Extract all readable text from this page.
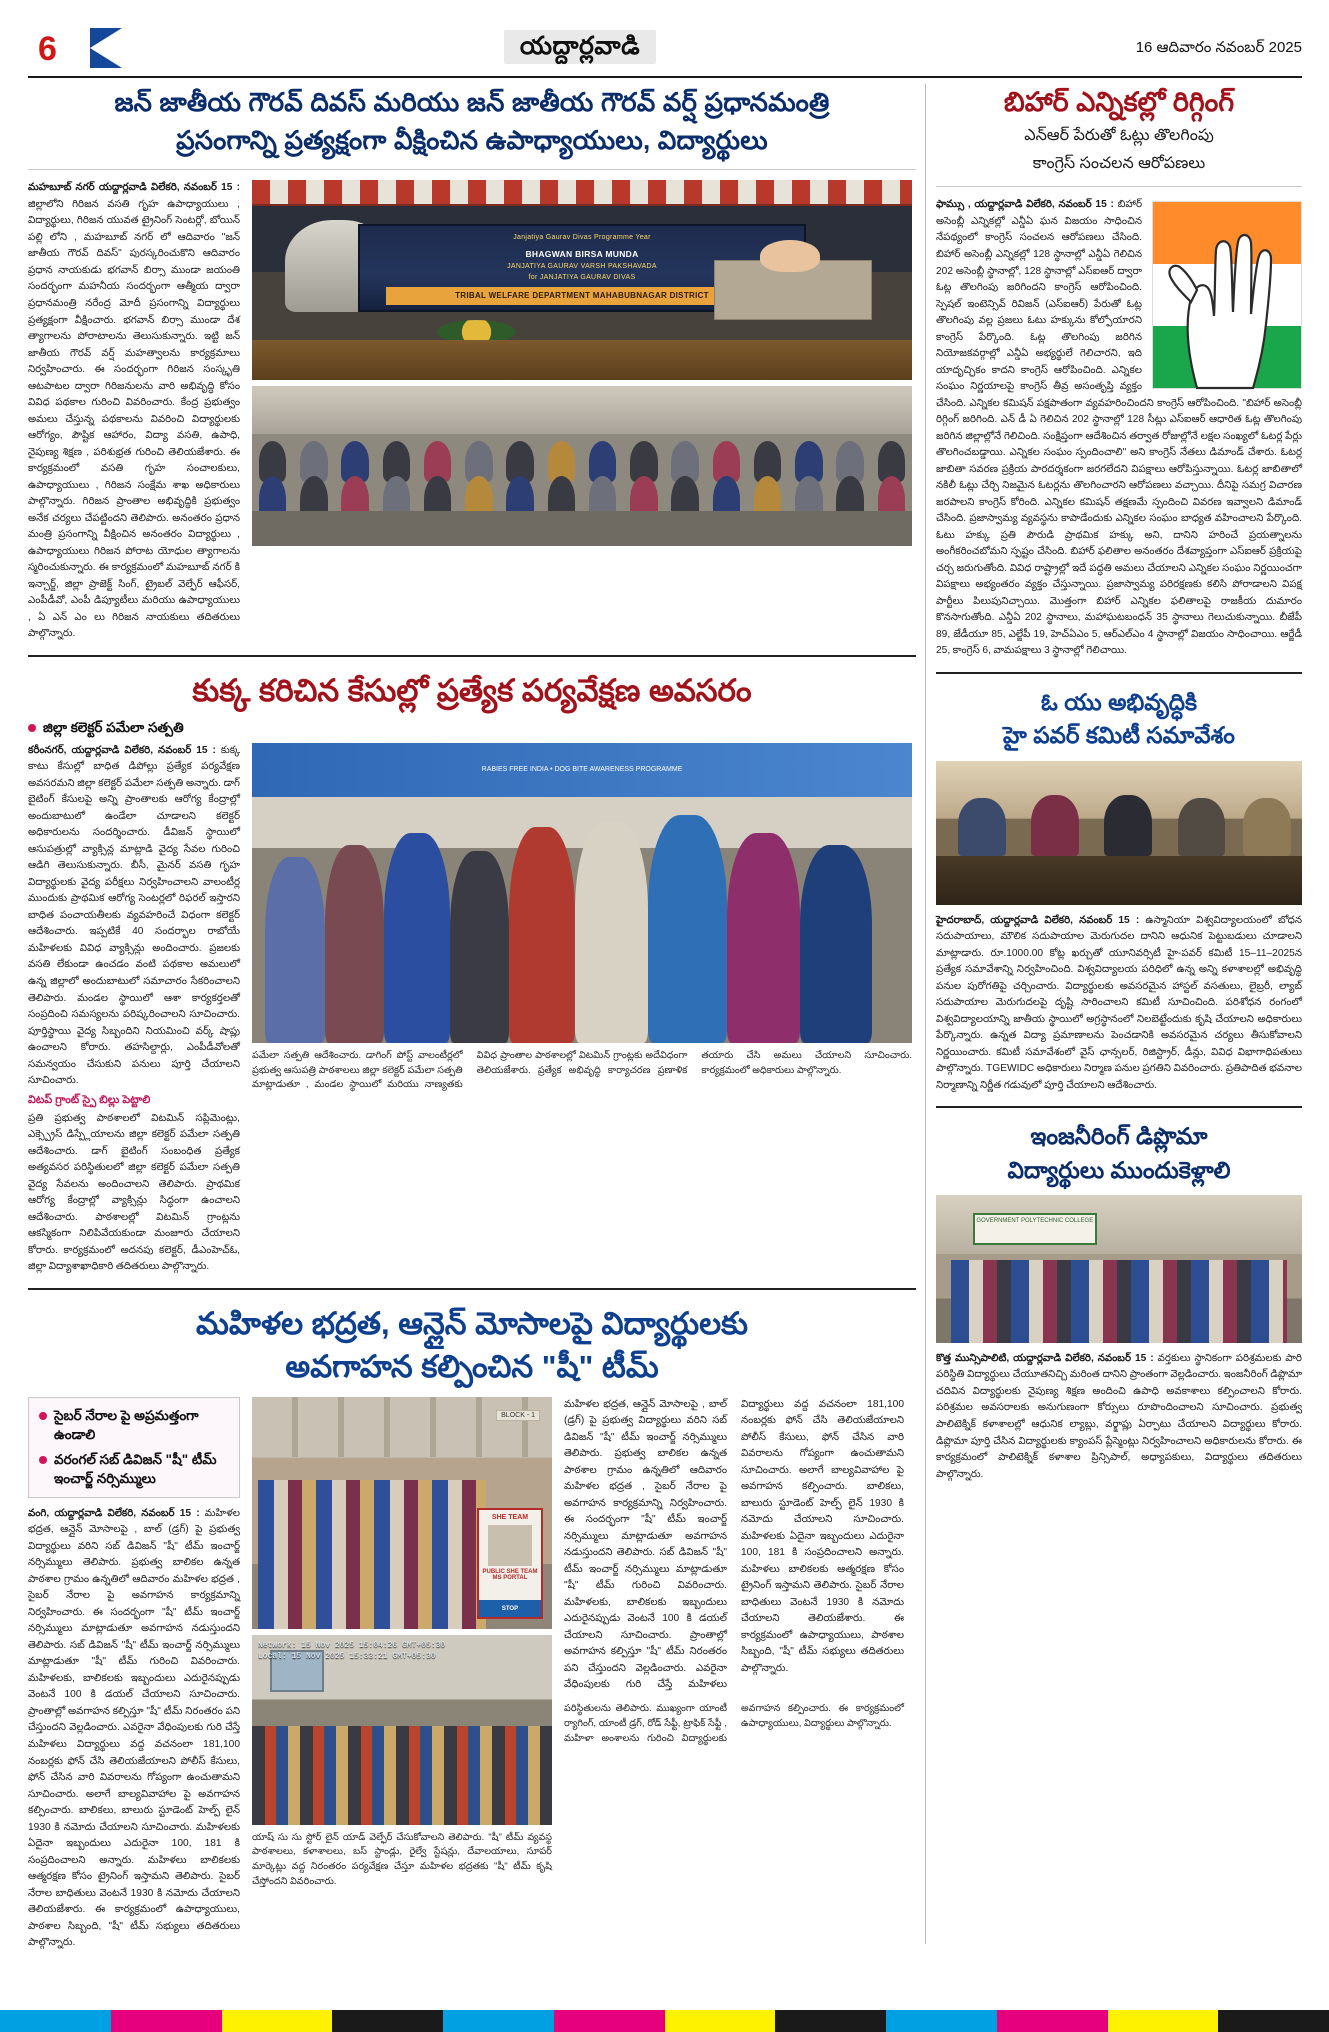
6	యద్దార్లవాడి	16 ఆదివారం నవంబర్ 2025
జన్ జాతీయ గౌరవ్ దివస్ మరియు జన్ జాతీయ గౌరవ్ వర్ష్ ప్రధానమంత్రి
ప్రసంగాన్ని ప్రత్యక్షంగా వీక్షించిన ఉపాధ్యాయులు, విద్యార్థులు
మహబూబ్ నగర్ యద్దార్లవాడి విలేకరి, నవంబర్ 15 : జిల్లాలోని గిరిజన వసతి గృహ ఉపాధ్యాయులు , విద్యార్థులు, గిరిజన యువత ట్రైనింగ్ సెంటర్లో, బోయిన్ పల్లి లోని , మహబూబ్ నగర్ లో ఆదివారం "జన్ జాతీయ గౌరవ్ దివస్" పురస్కరించుకొని ఆదివారం ప్రధాన నాయకుడు భగవాన్ బిర్సా ముండా జయంతి సందర్భంగా మహనీయ సందర్భంగా ఆత్మీయ ద్వారా ప్రధానమంత్రి నరేంద్ర మోదీ ప్రసంగాన్ని విద్యార్థులు ప్రత్యక్షంగా వీక్షించారు. భగవాన్ బిర్సా ముండా దేశ త్యాగాలను పోరాటాలను తెలుసుకున్నారు. ఇట్టి జన్ జాతీయ గౌరవ్ వర్ష్ మహత్వాలను కార్యక్రమాలు నిర్వహించారు. ఈ సందర్భంగా గిరిజన సంస్కృతి ఆటపాటల ద్వారా గిరిజనులను వారి అభివృద్ధి కోసం వివిధ పథకాల గురించి వివరించారు. కేంద్ర ప్రభుత్వం అమలు చేస్తున్న పథకాలను వివరించి విద్యార్థులకు ఆరోగ్యం, పౌష్టిక ఆహారం, విద్యా వసతి, ఉపాధి, నైపుణ్య శిక్షణ , పరిశుభ్రత గురించి తెలియజేశారు. ఈ కార్యక్రమంలో వసతి గృహ సంచాలకులు, ఉపాధ్యాయులు , గిరిజన సంక్షేమ శాఖ అధికారులు పాల్గొన్నారు. గిరిజన ప్రాంతాల అభివృద్ధికి ప్రభుత్వం అనేక చర్యలు చేపట్టిందని తెలిపారు. అనంతరం ప్రధాన మంత్రి ప్రసంగాన్ని వీక్షించిన అనంతరం విద్యార్థులు , ఉపాధ్యాయులు గిరిజన పోరాట యోధుల త్యాగాలను స్మరించుకున్నారు. ఈ కార్యక్రమంలో మహబూబ్ నగర్ కి ఇన్చార్జ్, జిల్లా ప్రాజెక్ట్ సింగ్, ట్రైబల్ వెల్ఫేర్ ఆఫీసర్, ఎంపీడీవో, ఎంపీ డిప్యూటీలు మరియు ఉపాధ్యాయులు , ఏ ఎన్ ఎం లు గిరిజన నాయకులు తదితరులు పాల్గొన్నారు.
Janjatiya Gaurav Divas Programme Year
BHAGWAN BIRSA MUNDA
JANJATIYA GAURAV VARSH PAKSHAVADA
for JANJATIYA GAURAV DIVAS
TRIBAL WELFARE DEPARTMENT MAHABUBNAGAR DISTRICT
కుక్క కరిచిన కేసుల్లో ప్రత్యేక పర్యవేక్షణ అవసరం
జిల్లా కలెక్టర్ పమేలా సత్పతి
కరీంనగర్, యద్దార్లవాడి విలేకరి, నవంబర్ 15 : కుక్క కాటు కేసుల్లో బాధిత డిపోల్లు ప్రత్యేక పర్యవేక్షణ అవసరమని జిల్లా కలెక్టర్ పమేలా సత్పతి అన్నారు. డాగ్ బైటింగ్ కేసులపై అన్ని ప్రాంతాలకు ఆరోగ్య కేంద్రాల్లో అందుబాటులో ఉండేలా చూడాలని కలెక్టర్ అధికారులను సందర్శించారు. డీవిజన్ స్థాయిలో ఆసుపత్రుల్లో వ్యాక్సిన్ల మాట్లాడి వైద్య సేవల గురించి ఆడిగి తెలుసుకున్నారు. బీసీ, మైనర్ వసతి గృహ విద్యార్థులకు వైద్య పరీక్షలు నిర్వహించాలని వాలంటీర్ల ముందుకు ప్రాథమిక ఆరోగ్య సెంటర్లలో రిఫరల్ ఇస్తారని బాధిత పంచాయతీలకు వ్యవహరించే విధంగా కలెక్టర్ ఆదేశించారు. ఇప్పటికే 40 సందర్భాల రాబోయే మహిళలకు వివిధ వ్యాక్సిన్లు అందించారు. ప్రజలకు వసతి లేకుండా ఉంచడం వంటి పథకాల అమలులో ఉన్న జిల్లాలో అందుబాటులో సమాచారం సేకరించాలని తెలిపారు. మండల స్థాయిలో ఆశా కార్యకర్తలతో సంప్రదించి సమస్యలను పరిష్కరించాలని సూచించారు. పూర్తిస్థాయి వైద్య సిబ్బందిని నియమించి వర్క్ షాప్లు ఉంచాలని కోరారు. తహసిల్దార్లు, ఎంపీడీవోలతో సమన్వయం చేసుకుని పనులు పూర్తి చేయాలని సూచించారు.
విటప్ గ్రాంట్ స్పై బిల్లు పెట్టాలి
ప్రతి ప్రభుత్వ పాఠశాలలో విటమిన్ సప్లిమెంట్లు, ఎక్స్ప్రెస్ డిస్ప్లేయాలను జిల్లా కలెక్టర్ పమేలా సత్పతి ఆదేశించారు. డాగ్ బైటింగ్ సంబంధిత ప్రత్యేక అత్యవసర పరిస్థితులలో జిల్లా కలెక్టర్ పమేలా సత్పతి వైద్య సేవలను అందించాలని తెలిపారు. ప్రాథమిక ఆరోగ్య కేంద్రాల్లో వ్యాక్సిన్లు సిద్ధంగా ఉంచాలని ఆదేశించారు. పాఠశాలల్లో విటమిన్ గ్రాంట్లను ఆకస్మికంగా నిలిపివేయకుండా మంజూరు చేయాలని కోరారు. కార్యక్రమంలో అదనపు కలెక్టర్, డీఎంహెచ్ఓ, జిల్లా విద్యాశాఖాధికారి తదితరులు పాల్గొన్నారు.
RABIES FREE INDIA • DOG BITE AWARENESS PROGRAMME
పమేలా సత్పతి ఆదేశించారు. డాగింగ్ పోస్ట్ వాలంటీర్లలో ప్రభుత్వ ఆసుపత్రి పాఠశాలలు జిల్లా కలెక్టర్ పమేలా సత్పతి మాట్లాడుతూ , మండల స్థాయిలో మరియు నాణ్యతకు వివిధ ప్రాంతాల పాఠశాలల్లో విటమిన్ గ్రాంట్లకు అదేవిధంగా తెలియజేశారు. ప్రత్యేక అభివృద్ధి కార్యాచరణ ప్రణాళిక తయారు చేసి అమలు చేయాలని సూచించారు. కార్యక్రమంలో అధికారులు పాల్గొన్నారు.
మహిళల భద్రత, ఆన్లైన్ మోసాలపై విద్యార్థులకు
అవగాహన కల్పించిన "షీ" టీమ్
సైబర్ నేరాల పై అప్రమత్తంగా ఉండాలి
వరంగల్ సబ్ డివిజన్ "షీ" టీమ్ ఇంచార్జ్ నర్సిమ్ములు
వంగి, యద్దార్లవాడి విలేకరి, నవంబర్ 15 : మహిళల భద్రత, ఆన్లైన్ మోసాలపై , బాల్ (డ్రగ్) పై ప్రభుత్వ విద్యార్థులు వరిని సబ్ డివిజన్ "షీ" టీమ్ ఇంచార్జ్ నర్సిమ్ములు తెలిపారు. ప్రభుత్వ బాలికల ఉన్నత పాఠశాల గ్రామం ఉన్నతిలో ఆదివారం మహిళల భద్రత , సైబర్ నేరాల పై అవగాహన కార్యక్రమాన్ని నిర్వహించారు. ఈ సందర్భంగా "షీ" టీమ్ ఇంచార్జ్ నర్సిమ్ములు మాట్లాడుతూ అవగాహన నడుస్తుందని తెలిపారు. సబ్ డివిజన్ "షీ" టీమ్ ఇంచార్జ్ నర్సిమ్ములు మాట్లాడుతూ "షీ" టీమ్ గురించి వివరించారు. మహిళలకు, బాలికలకు ఇబ్బందులు ఎదురైనప్పుడు వెంటనే 100 కి డయల్ చేయాలని సూచించారు. ప్రాంతాల్లో అవగాహన కల్పిస్తూ "షీ" టీమ్ నిరంతరం పని చేస్తుందని వెల్లడించారు. ఎవరైనా వేధింపులకు గురి చేస్తే మహిళలు విద్యార్థులు వద్ద వచనంలా 181,100 నంబర్లకు ఫోన్ చేసి తెలియజేయాలని పోలీస్ కేసులు, ఫోన్ చేసిన వారి వివరాలను గోప్యంగా ఉంచుతామని సూచించారు. అలాగే బాల్యవివాహాల పై అవగాహన కల్పించారు. బాలికలు, బాలురు స్టూడెంట్ హెల్ప్ లైన్ 1930 కి నమోదు చేయాలని సూచించారు. మహిళలకు ఏదైనా ఇబ్బందులు ఎదురైనా 100, 181 కి సంప్రదించాలని అన్నారు. మహిళలు బాలికలకు ఆత్మరక్షణ కోసం ట్రైనింగ్ ఇస్తామని తెలిపారు. సైబర్ నేరాల బాధితులు వెంటనే 1930 కి నమోదు చేయాలని తెలియజేశారు. ఈ కార్యక్రమంలో ఉపాధ్యాయులు, పాఠశాల సిబ్బంది, "షీ" టీమ్ సభ్యులు తదితరులు పాల్గొన్నారు.
BLOCK - 1
SHE TEAM
PUBLIC SHE TEAM MS PORTAL
STOP
Network: 15 Nov 2025 15:04:26 GMT+05:30
Local: 15 Nov 2025 15:33:21 GMT+05:30
యాష్ సు సు స్టోర్ లైన్ యాడ్ వెల్ఫేర్ చేసుకోవాలని తెలిపారు. "షీ" టీమ్ వ్యవస్థ పాఠశాలలు, కళాశాలలు, బస్ స్టాండ్లు, రైల్వే స్టేషన్లు, దేవాలయాలు, సూపర్ మార్కెట్లు వద్ద నిరంతరం పర్యవేక్షణ చేస్తూ మహిళల భద్రతకు "షీ" టీమ్ కృషి చేస్తోందని వివరించారు.
మహిళల భద్రత, ఆన్లైన్ మోసాలపై , బాల్ (డ్రగ్) పై ప్రభుత్వ విద్యార్థులు వరిని సబ్ డివిజన్ "షీ" టీమ్ ఇంచార్జ్ నర్సిమ్ములు తెలిపారు. ప్రభుత్వ బాలికల ఉన్నత పాఠశాల గ్రామం ఉన్నతిలో ఆదివారం మహిళల భద్రత , సైబర్ నేరాల పై అవగాహన కార్యక్రమాన్ని నిర్వహించారు. ఈ సందర్భంగా "షీ" టీమ్ ఇంచార్జ్ నర్సిమ్ములు మాట్లాడుతూ అవగాహన నడుస్తుందని తెలిపారు. సబ్ డివిజన్ "షీ" టీమ్ ఇంచార్జ్ నర్సిమ్ములు మాట్లాడుతూ "షీ" టీమ్ గురించి వివరించారు. మహిళలకు, బాలికలకు ఇబ్బందులు ఎదురైనప్పుడు వెంటనే 100 కి డయల్ చేయాలని సూచించారు. ప్రాంతాల్లో అవగాహన కల్పిస్తూ "షీ" టీమ్ నిరంతరం పని చేస్తుందని వెల్లడించారు. ఎవరైనా వేధింపులకు గురి చేస్తే మహిళలు విద్యార్థులు వద్ద వచనంలా 181,100 నంబర్లకు ఫోన్ చేసి తెలియజేయాలని పోలీస్ కేసులు, ఫోన్ చేసిన వారి వివరాలను గోప్యంగా ఉంచుతామని సూచించారు. అలాగే బాల్యవివాహాల పై అవగాహన కల్పించారు. బాలికలు, బాలురు స్టూడెంట్ హెల్ప్ లైన్ 1930 కి నమోదు చేయాలని సూచించారు. మహిళలకు ఏదైనా ఇబ్బందులు ఎదురైనా 100, 181 కి సంప్రదించాలని అన్నారు. మహిళలు బాలికలకు ఆత్మరక్షణ కోసం ట్రైనింగ్ ఇస్తామని తెలిపారు. సైబర్ నేరాల బాధితులు వెంటనే 1930 కి నమోదు చేయాలని తెలియజేశారు. ఈ కార్యక్రమంలో ఉపాధ్యాయులు, పాఠశాల సిబ్బంది, "షీ" టీమ్ సభ్యులు తదితరులు పాల్గొన్నారు.
పరిస్థితులను తెలిపారు. ముఖ్యంగా యాంటీ ర్యాగింగ్, యాంటీ డ్రగ్, రోడ్ సేఫ్టీ, ట్రాఫిక్ సేఫ్టీ , మహిళా అంశాలను గురించి విద్యార్థులకు అవగాహన కల్పించారు. ఈ కార్యక్రమంలో ఉపాధ్యాయులు, విద్యార్థులు పాల్గొన్నారు.
బిహార్ ఎన్నికల్లో రిగ్గింగ్
ఎన్ఆర్ పేరుతో ఓట్లు తొలగింపు
కాంగ్రెస్ సంచలన ఆరోపణలు
ఫామ్సు , యద్దార్లవాడి విలేకరి, నవంబర్ 15 : బిహార్ అసెంబ్లీ ఎన్నికల్లో ఎన్డీఏ ఘన విజయం సాధించిన నేపథ్యంలో కాంగ్రెస్ సంచలన ఆరోపణలు చేసింది. బిహార్ అసెంబ్లీ ఎన్నికల్లో 128 స్థానాల్లో ఎన్డీఏ గెలిచిన 202 అసెంబ్లీ స్థానాల్లో, 128 స్థానాల్లో ఎస్ఐఆర్ ద్వారా ఓట్ల తొలగింపు జరిగిందని కాంగ్రెస్ ఆరోపించింది. స్పెషల్ ఇంటెన్సివ్ రివిజన్ (ఎస్ఐఆర్) పేరుతో ఓట్ల తొలగింపు వల్ల ప్రజలు ఓటు హక్కును కోల్పోయారని కాంగ్రెస్ పేర్కొంది. ఓట్ల తొలగింపు జరిగిన నియోజకవర్గాల్లో ఎన్డీఏ అభ్యర్థులే గెలిచారని, ఇది యాదృచ్ఛికం కాదని కాంగ్రెస్ ఆరోపించింది. ఎన్నికల సంఘం నిర్ణయాలపై కాంగ్రెస్ తీవ్ర అసంతృప్తి వ్యక్తం చేసింది. ఎన్నికల కమిషన్ పక్షపాతంగా వ్యవహరించిందని కాంగ్రెస్ ఆరోపించింది. "బిహార్ అసెంబ్లీ రిగ్గింగ్ జరిగింది. ఎన్ డీ ఏ గెలిచిన 202 స్థానాల్లో 128 సీట్లు ఎస్ఐఆర్ ఆధారిత ఓట్ల తొలగింపు జరిగిన జిల్లాల్లోనే గెలిచింది. సంక్షిప్తంగా ఆదేశించిన తర్వాత రోజుల్లోనే లక్షల సంఖ్యలో ఓటర్ల పేర్లు తొలగించబడ్డాయి. ఎన్నికల సంఘం స్పందించాలి" అని కాంగ్రెస్ నేతలు డిమాండ్ చేశారు. ఓటర్ల జాబితా సవరణ ప్రక్రియ పారదర్శకంగా జరగలేదని విపక్షాలు ఆరోపిస్తున్నాయి. ఓటర్ల జాబితాలో నకిలీ ఓట్లు చేర్చి నిజమైన ఓటర్లను తొలగించారని ఆరోపణలు వచ్చాయి. దీనిపై సమగ్ర విచారణ జరపాలని కాంగ్రెస్ కోరింది. ఎన్నికల కమిషన్ తక్షణమే స్పందించి వివరణ ఇవ్వాలని డిమాండ్ చేసింది. ప్రజాస్వామ్య వ్యవస్థను కాపాడేందుకు ఎన్నికల సంఘం బాధ్యత వహించాలని పేర్కొంది. ఓటు హక్కు ప్రతి పౌరుడి ప్రాథమిక హక్కు అని, దానిని హరించే ప్రయత్నాలను అంగీకరించబోమని స్పష్టం చేసింది. బిహార్ ఫలితాల అనంతరం దేశవ్యాప్తంగా ఎస్ఐఆర్ ప్రక్రియపై చర్చ జరుగుతోంది. వివిధ రాష్ట్రాల్లో ఇదే పద్ధతి అమలు చేయాలని ఎన్నికల సంఘం నిర్ణయించగా విపక్షాలు అభ్యంతరం వ్యక్తం చేస్తున్నాయి. ప్రజాస్వామ్య పరిరక్షణకు కలిసి పోరాడాలని విపక్ష పార్టీలు పిలుపునిచ్చాయి. మొత్తంగా బిహార్ ఎన్నికల ఫలితాలపై రాజకీయ దుమారం కొనసాగుతోంది. ఎన్డీఏ 202 స్థానాలు, మహాఘటబంధన్ 35 స్థానాలు గెలుచుకున్నాయి. బీజేపీ 89, జేడీయూ 85, ఎల్జేపీ 19, హెచ్ఏఎం 5, ఆర్ఎల్ఎం 4 స్థానాల్లో విజయం సాధించాయి. ఆర్జేడీ 25, కాంగ్రెస్ 6, వామపక్షాలు 3 స్థానాల్లో గెలిచాయి.
ఓ యు అభివృద్ధికి
హై పవర్ కమిటీ సమావేశం
హైదరాబాద్, యద్దార్లవాడి విలేకరి, నవంబర్ 15 : ఉస్మానియా విశ్వవిద్యాలయంలో బోధన సదుపాయాలు, మౌలిక సదుపాయాల మెరుగుదల దానిని ఆధునిక పెట్టుబడులు చూడాలని మాట్లాడారు. రూ.1000.00 కోట్ల ఖర్చుతో యూనివర్సిటీ హై-పవర్ కమిటీ 15–11–2025న ప్రత్యేక సమావేశాన్ని నిర్వహించింది. విశ్వవిద్యాలయ పరిధిలో ఉన్న అన్ని కళాశాలల్లో అభివృద్ధి పనుల పురోగతిపై చర్చించారు. విద్యార్థులకు అవసరమైన హాస్టల్ వసతులు, లైబ్రరీ, ల్యాబ్ సదుపాయాల మెరుగుదలపై దృష్టి సారించాలని కమిటీ సూచించింది. పరిశోధన రంగంలో విశ్వవిద్యాలయాన్ని జాతీయ స్థాయిలో అగ్రస్థానంలో నిలబెట్టేందుకు కృషి చేయాలని అధికారులు పేర్కొన్నారు. ఉన్నత విద్యా ప్రమాణాలను పెంచడానికి అవసరమైన చర్యలు తీసుకోవాలని నిర్ణయించారు. కమిటీ సమావేశంలో వైస్ ఛాన్సలర్, రిజిస్ట్రార్, డీన్లు, వివిధ విభాగాధిపతులు పాల్గొన్నారు. TGEWIDC అధికారులు నిర్మాణ పనుల ప్రగతిని వివరించారు. ప్రతిపాదిత భవనాల నిర్మాణాన్ని నిర్ణీత గడువులో పూర్తి చేయాలని ఆదేశించారు.
ఇంజనీరింగ్ డిప్లొమా
విద్యార్థులు ముందుకెళ్లాలి
GOVERNMENT POLYTECHNIC COLLEGE
కొత్త మున్సిపాలిటి, యద్దార్లవాడి విలేకరి, నవంబర్ 15 : వర్తకులు స్థానికంగా పరిశ్రమలకు పారి పరిస్థితి విద్యార్థులు చేయూతనిచ్చి మరింత దానిని ప్రాంతంగా వెల్లడించారు. ఇంజనీరింగ్ డిప్లొమా చదివిన విద్యార్థులకు నైపుణ్య శిక్షణ అందించి ఉపాధి అవకాశాలు కల్పించాలని కోరారు. పరిశ్రమల అవసరాలకు అనుగుణంగా కోర్సులు రూపొందించాలని సూచించారు. ప్రభుత్వ పాలిటెక్నిక్ కళాశాలల్లో ఆధునిక ల్యాబ్లు, వర్క్షాప్లు ఏర్పాటు చేయాలని విద్యార్థులు కోరారు. డిప్లొమా పూర్తి చేసిన విద్యార్థులకు క్యాంపస్ ప్లేస్మెంట్లు నిర్వహించాలని అధికారులను కోరారు. ఈ కార్యక్రమంలో పాలిటెక్నిక్ కళాశాల ప్రిన్సిపాల్, అధ్యాపకులు, విద్యార్థులు తదితరులు పాల్గొన్నారు.
